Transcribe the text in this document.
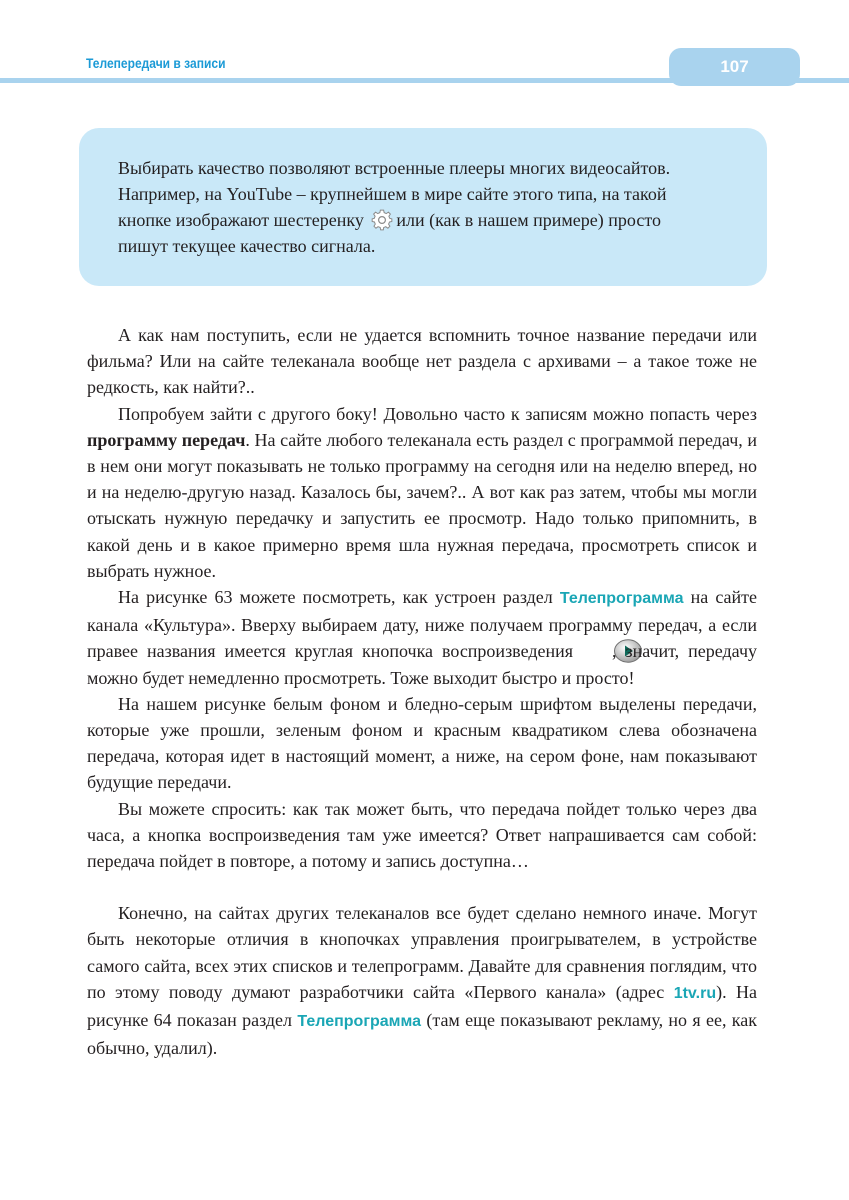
Телепередачи в записи	107

Выбирать качество позволяют встроенные плееры многих видеосайтов.

Например, на YouTube – крупнейшем в мире сайте этого типа, на такой

кнопке изображают шестеренку или (как в нашем примере) просто

пишут текущее качество сигнала.

А как нам поступить, если не удается вспомнить точное название передачи или фильма? Или на сайте телеканала вообще нет раздела с архивами – а такое тоже не редкость, как найти?..

Попробуем зайти с другого боку! Довольно часто к записям можно попасть через программу передач. На сайте любого телеканала есть раздел с программой передач, и в нем они могут показывать не только программу на сегодня или на неделю вперед, но и на неделю-другую назад. Казалось бы, зачем?.. А вот как раз затем, чтобы мы могли отыскать нужную передачку и запустить ее просмотр. Надо только припомнить, в какой день и в какое примерно время шла нужная передача, просмотреть список и выбрать нужное.

На рисунке 63 можете посмотреть, как устроен раздел Телепрограмма на сайте канала «Культура». Вверху выбираем дату, ниже получаем программу передач, а если правее названия имеется круглая кнопочка воспроизведения , значит, передачу можно будет немедленно просмотреть. Тоже выходит быстро и просто!

На нашем рисунке белым фоном и бледно-серым шрифтом выделены передачи, которые уже прошли, зеленым фоном и красным квадратиком слева обозначена передача, которая идет в настоящий момент, а ниже, на сером фоне, нам показывают будущие передачи.

Вы можете спросить: как так может быть, что передача пойдет только через два часа, а кнопка воспроизведения там уже имеется? Ответ напрашивается сам собой: передача пойдет в повторе, а потому и запись доступна…

Конечно, на сайтах других телеканалов все будет сделано немного иначе. Могут быть некоторые отличия в кнопочках управления проигрывателем, в устройстве самого сайта, всех этих списков и телепрограмм. Давайте для сравнения поглядим, что по этому поводу думают разработчики сайта «Первого канала» (адрес 1tv.ru). На рисунке 64 показан раздел Телепрограмма (там еще показывают рекламу, но я ее, как обычно, удалил).
